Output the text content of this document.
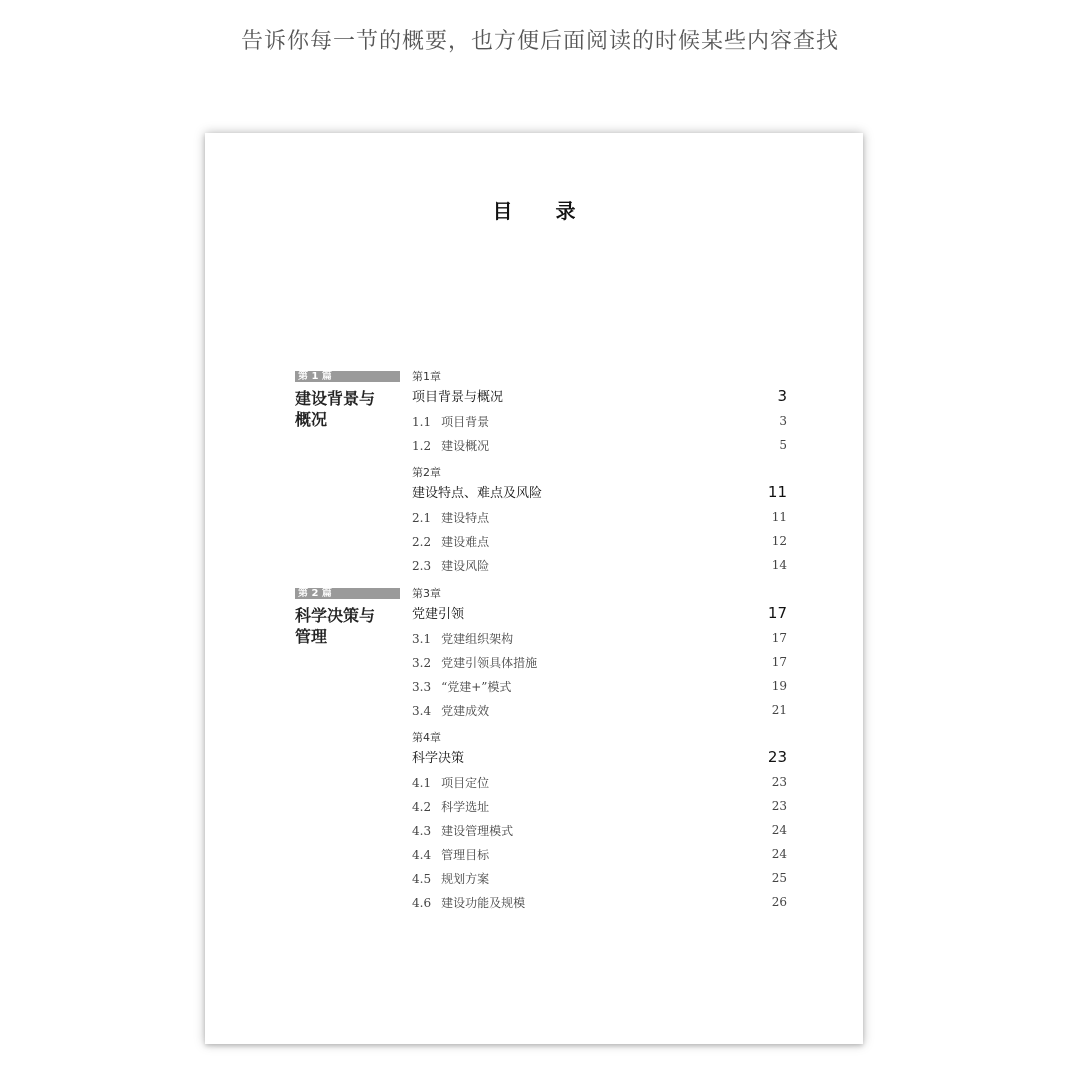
告诉你每一节的概要，也方便后面阅读的时候某些内容查找
目 录
第 1 篇
建设背景与
概况
第 2 篇
科学决策与
管理
第1章
项目背景与概况	3
1.1 项目背景	3
1.2 建设概况	5
第2章
建设特点、难点及风险	11
2.1 建设特点	11
2.2 建设难点	12
2.3 建设风险	14
第3章
党建引领	17
3.1 党建组织架构	17
3.2 党建引领具体措施	17
3.3 “党建+”模式	19
3.4 党建成效	21
第4章
科学决策	23
4.1 项目定位	23
4.2 科学选址	23
4.3 建设管理模式	24
4.4 管理目标	24
4.5 规划方案	25
4.6 建设功能及规模	26
